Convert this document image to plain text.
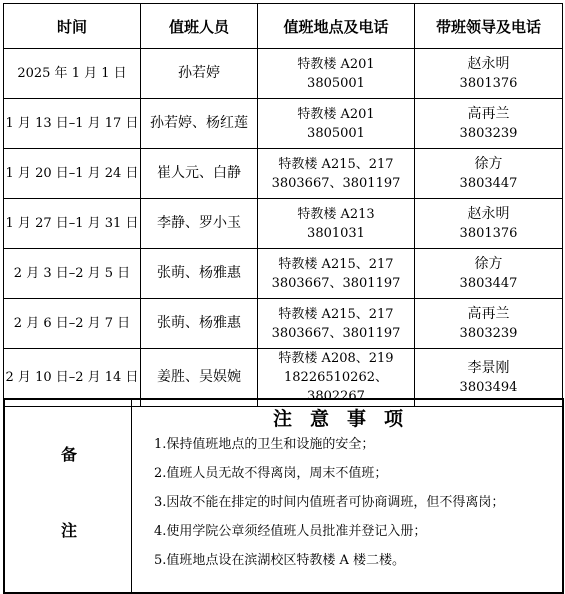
时间	值班人员	值班地点及电话	带班领导及电话
2025 年 1 月 1 日	孙若婷	特教楼 A201
3805001	赵永明
3801376

1 月 13 日–1 月 17 日	孙若婷、杨红莲	特教楼 A201
3805001	高再兰
3803239

1 月 20 日–1 月 24 日	崔人元、白静	特教楼 A215、217
3803667、3801197	徐方
3803447

1 月 27 日–1 月 31 日	李静、罗小玉	特教楼 A213
3801031	赵永明
3801376

2 月 3 日–2 月 5 日	张萌、杨雅惠	特教楼 A215、217
3803667、3801197	徐方
3803447

2 月 6 日–2 月 7 日	张萌、杨雅惠	特教楼 A215、217
3803667、3801197	高再兰
3803239

2 月 10 日–2 月 14 日	姜胜、吴娱婉	特教楼 A208、219
18226510262、3802267	李景刚
3803494
备
注
注意事项
1.保持值班地点的卫生和设施的安全；
2.值班人员无故不得离岗，周末不值班；
3.因故不能在排定的时间内值班者可协商调班，但不得离岗；
4.使用学院公章须经值班人员批准并登记入册；
5.值班地点设在滨湖校区特教楼 A 楼二楼。
